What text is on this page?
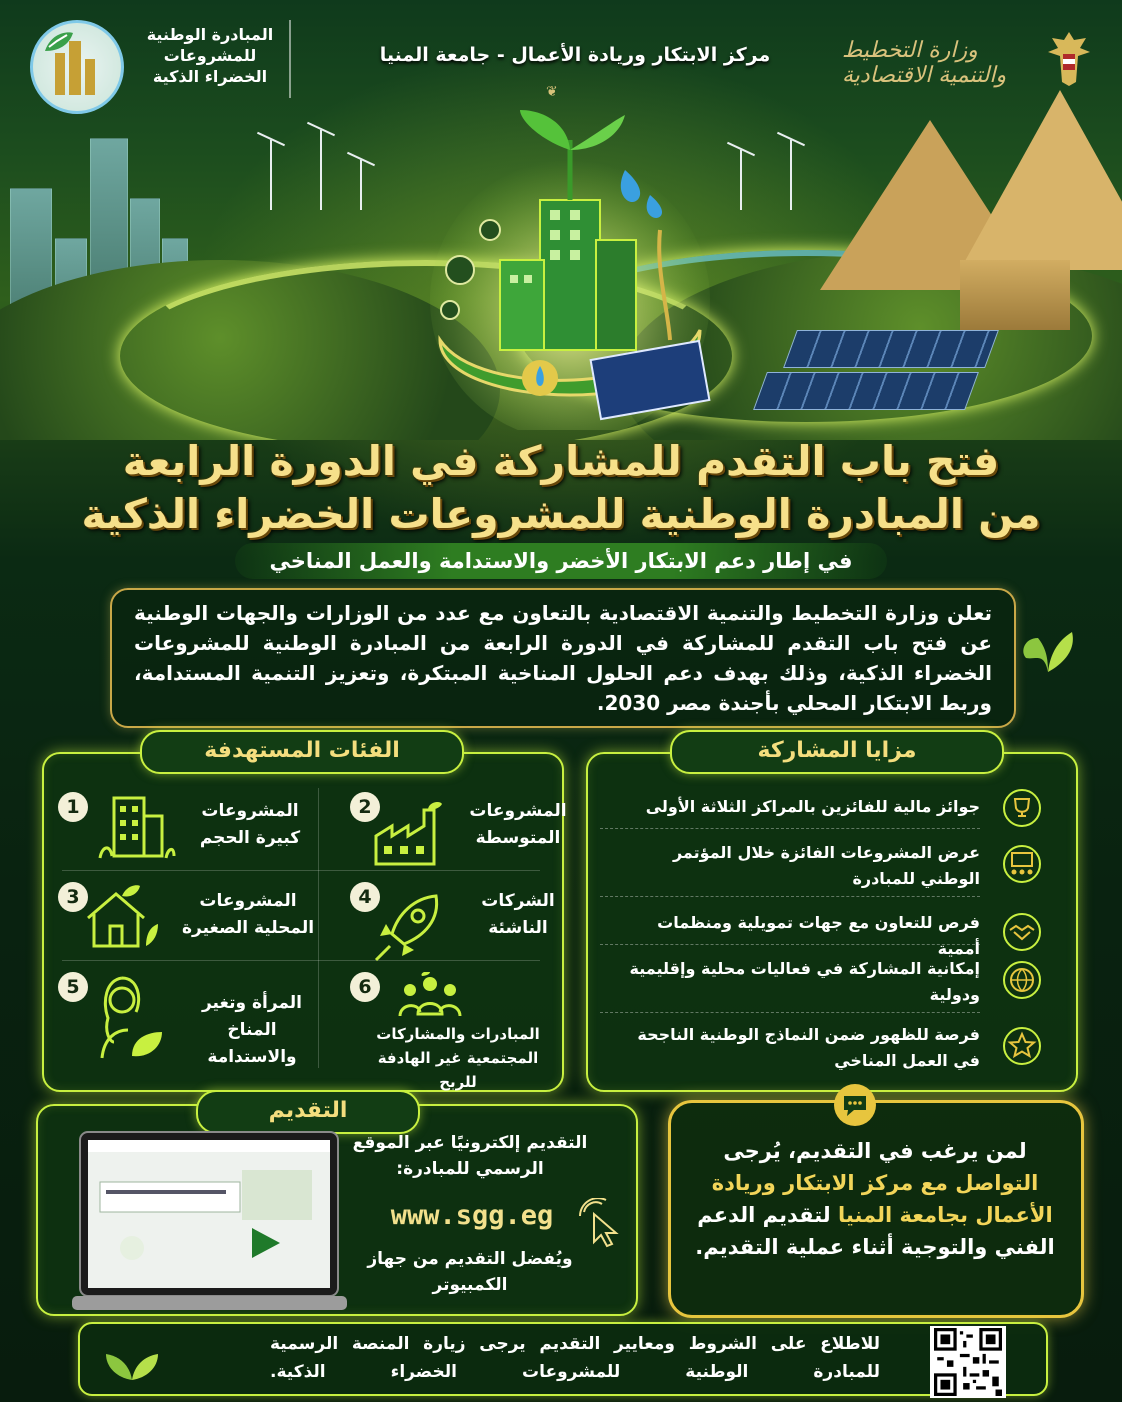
المبادرة الوطنية للمشروعات الخضراء الذكية
مركز الابتكار وريادة الأعمال - جامعة المنيا
❦
وزارة التخطيط والتنمية الاقتصادية
فتح باب التقدم للمشاركة في الدورة الرابعة
من المبادرة الوطنية للمشروعات الخضراء الذكية
في إطار دعم الابتكار الأخضر والاستدامة والعمل المناخي

تعلن وزارة التخطيط والتنمية الاقتصادية بالتعاون مع عدد من الوزارات والجهات الوطنية عن فتح باب التقدم للمشاركة في الدورة الرابعة من المبادرة الوطنية للمشروعات الخضراء الذكية، وذلك بهدف دعم الحلول المناخية المبتكرة، وتعزيز التنمية المستدامة، وربط الابتكار المحلي بأجندة مصر 2030.

الفئات المستهدفة
1	المشروعات كبيرة الحجم
2	المشروعات المتوسطة
3	المشروعات المحلية الصغيرة
4	الشركات الناشئة
5
المرأة وتغير المناخ والاستدامة
6
المبادرات والمشاركات المجتمعية غير الهادفة للربح
مزايا المشاركة
جوائز مالية للفائزين بالمراكز الثلاثة الأولى
عرض المشروعات الفائزة خلال المؤتمر الوطني للمبادرة
فرص للتعاون مع جهات تمويلية ومنظمات أممية
إمكانية المشاركة في فعاليات محلية وإقليمية ودولية
فرصة للظهور ضمن النماذج الوطنية الناجحة في العمل المناخي
التقديم
التقديم إلكترونيًا عبر الموقع الرسمي للمبادرة:
www.sgg.eg
ويُفضل التقديم من جهاز الكمبيوتر
لمن يرغب في التقديم، يُرجى التواصل مع مركز الابتكار وريادة الأعمال بجامعة المنيا لتقديم الدعم الفني والتوجية أثناء عملية التقديم.

للاطلاع على الشروط ومعايير التقديم يرجى زيارة المنصة الرسمية للمبادرة الوطنية للمشروعات الخضراء الذكية.
